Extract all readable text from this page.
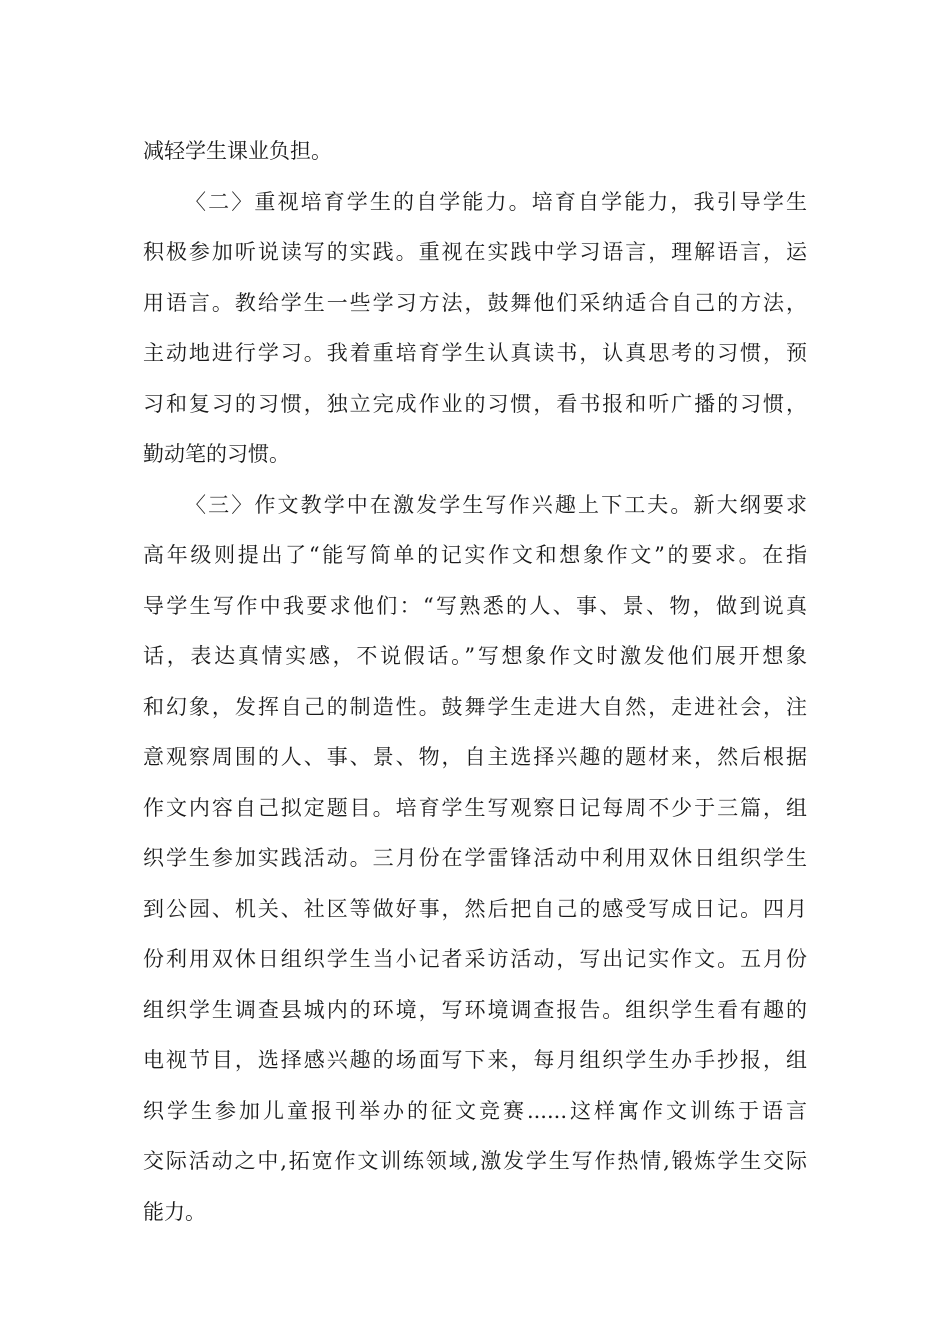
减轻学生课业负担。
〈二〉重视培育学生的自学能力。培育自学能力，我引导学生
积极参加听说读写的实践。重视在实践中学习语言，理解语言，运
用语言。教给学生一些学习方法，鼓舞他们采纳适合自己的方法，
主动地进行学习。我着重培育学生认真读书，认真思考的习惯，预
习和复习的习惯，独立完成作业的习惯，看书报和听广播的习惯，
勤动笔的习惯。
〈三〉作文教学中在激发学生写作兴趣上下工夫。新大纲要求
高年级则提出了“能写简单的记实作文和想象作文”的要求。在指
导学生写作中我要求他们：“写熟悉的人、事、景、物，做到说真
话，表达真情实感，不说假话。”写想象作文时激发他们展开想象
和幻象，发挥自己的制造性。鼓舞学生走进大自然，走进社会，注
意观察周围的人、事、景、物，自主选择兴趣的题材来，然后根据
作文内容自己拟定题目。培育学生写观察日记每周不少于三篇，组
织学生参加实践活动。三月份在学雷锋活动中利用双休日组织学生
到公园、机关、社区等做好事，然后把自己的感受写成日记。四月
份利用双休日组织学生当小记者采访活动，写出记实作文。五月份
组织学生调查县城内的环境，写环境调查报告。组织学生看有趣的
电视节目，选择感兴趣的场面写下来，每月组织学生办手抄报，组
织学生参加儿童报刊举办的征文竞赛......这样寓作文训练于语言
交际活动之中,拓宽作文训练领域,激发学生写作热情,锻炼学生交际
能力。
